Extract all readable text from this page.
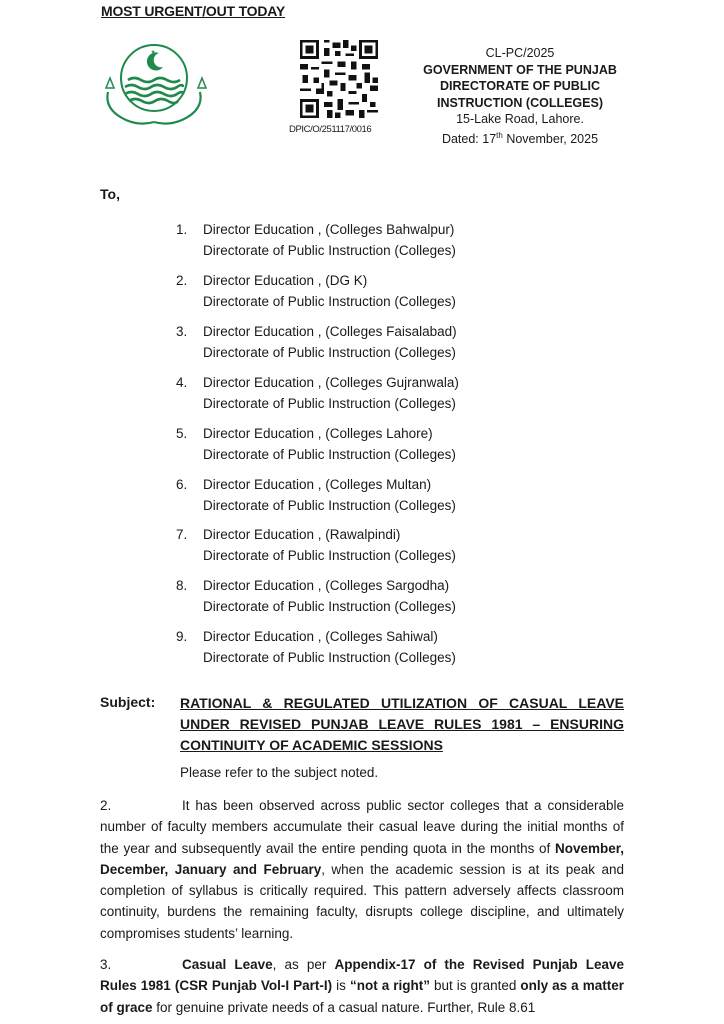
MOST URGENT/OUT TODAY
✦
DPIC/O/251117/0016
CL-PC/2025
GOVERNMENT OF THE PUNJAB
DIRECTORATE OF PUBLIC
INSTRUCTION (COLLEGES)
15-Lake Road, Lahore.
Dated: 17th November, 2025
To,
1.	Director Education , (Colleges Bahwalpur)
Directorate of Public Instruction (Colleges)
2.	Director Education , (DG K)
Directorate of Public Instruction (Colleges)
3.	Director Education , (Colleges Faisalabad)
Directorate of Public Instruction (Colleges)
4.	Director Education , (Colleges Gujranwala)
Directorate of Public Instruction (Colleges)
5.	Director Education , (Colleges Lahore)
Directorate of Public Instruction (Colleges)
6.	Director Education , (Colleges Multan)
Directorate of Public Instruction (Colleges)
7.	Director Education , (Rawalpindi)
Directorate of Public Instruction (Colleges)
8.	Director Education , (Colleges Sargodha)
Directorate of Public Instruction (Colleges)
9.	Director Education , (Colleges Sahiwal)
Directorate of Public Instruction (Colleges)
Subject: RATIONAL & REGULATED UTILIZATION OF CASUAL LEAVE
UNDER REVISED PUNJAB LEAVE RULES 1981 – ENSURING
CONTINUITY OF ACADEMIC SESSIONS
Please refer to the subject noted.
2.	It has been observed across public sector colleges that a considerable number of faculty members accumulate their casual leave during the initial months of the year and subsequently avail the entire pending quota in the months of November, December, January and February, when the academic session is at its peak and completion of syllabus is critically required. This pattern adversely affects classroom continuity, burdens the remaining faculty, disrupts college discipline, and ultimately compromises students’ learning.
3.	Casual Leave, as per Appendix-17 of the Revised Punjab Leave Rules 1981 (CSR Punjab Vol-I Part-I) is “not a right” but is granted only as a matter of grace for genuine private needs of a casual nature. Further, Rule 8.61
